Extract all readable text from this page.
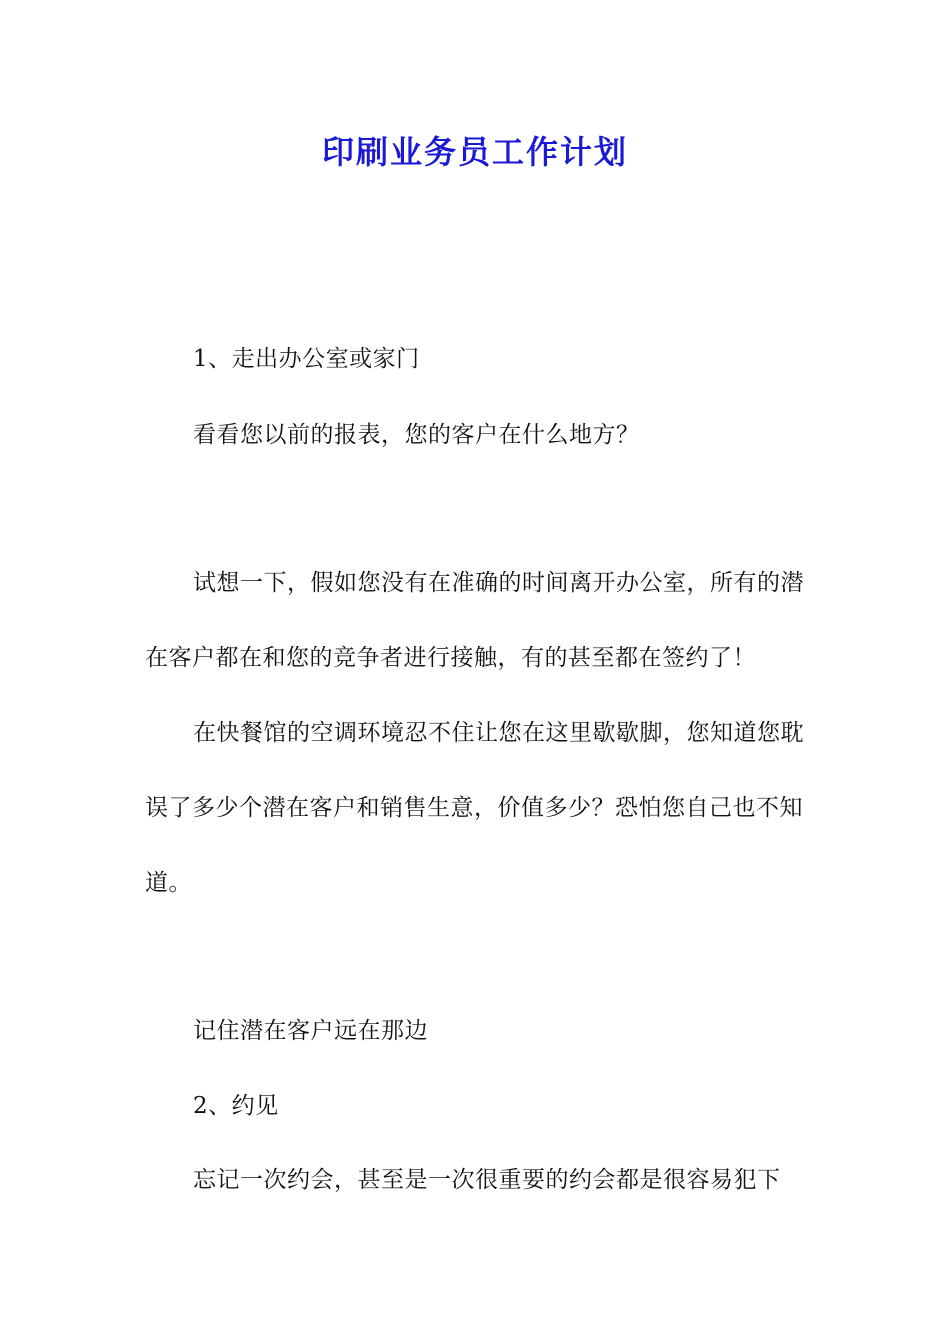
印刷业务员工作计划

1、走出办公室或家门

看看您以前的报表，您的客户在什么地方？

试想一下，假如您没有在准确的时间离开办公室，所有的潜在客户都在和您的竞争者进行接触，有的甚至都在签约了！

在快餐馆的空调环境忍不住让您在这里歇歇脚，您知道您耽误了多少个潜在客户和销售生意，价值多少？恐怕您自己也不知道。

记住潜在客户远在那边

2、约见

忘记一次约会，甚至是一次很重要的约会都是很容易犯下
